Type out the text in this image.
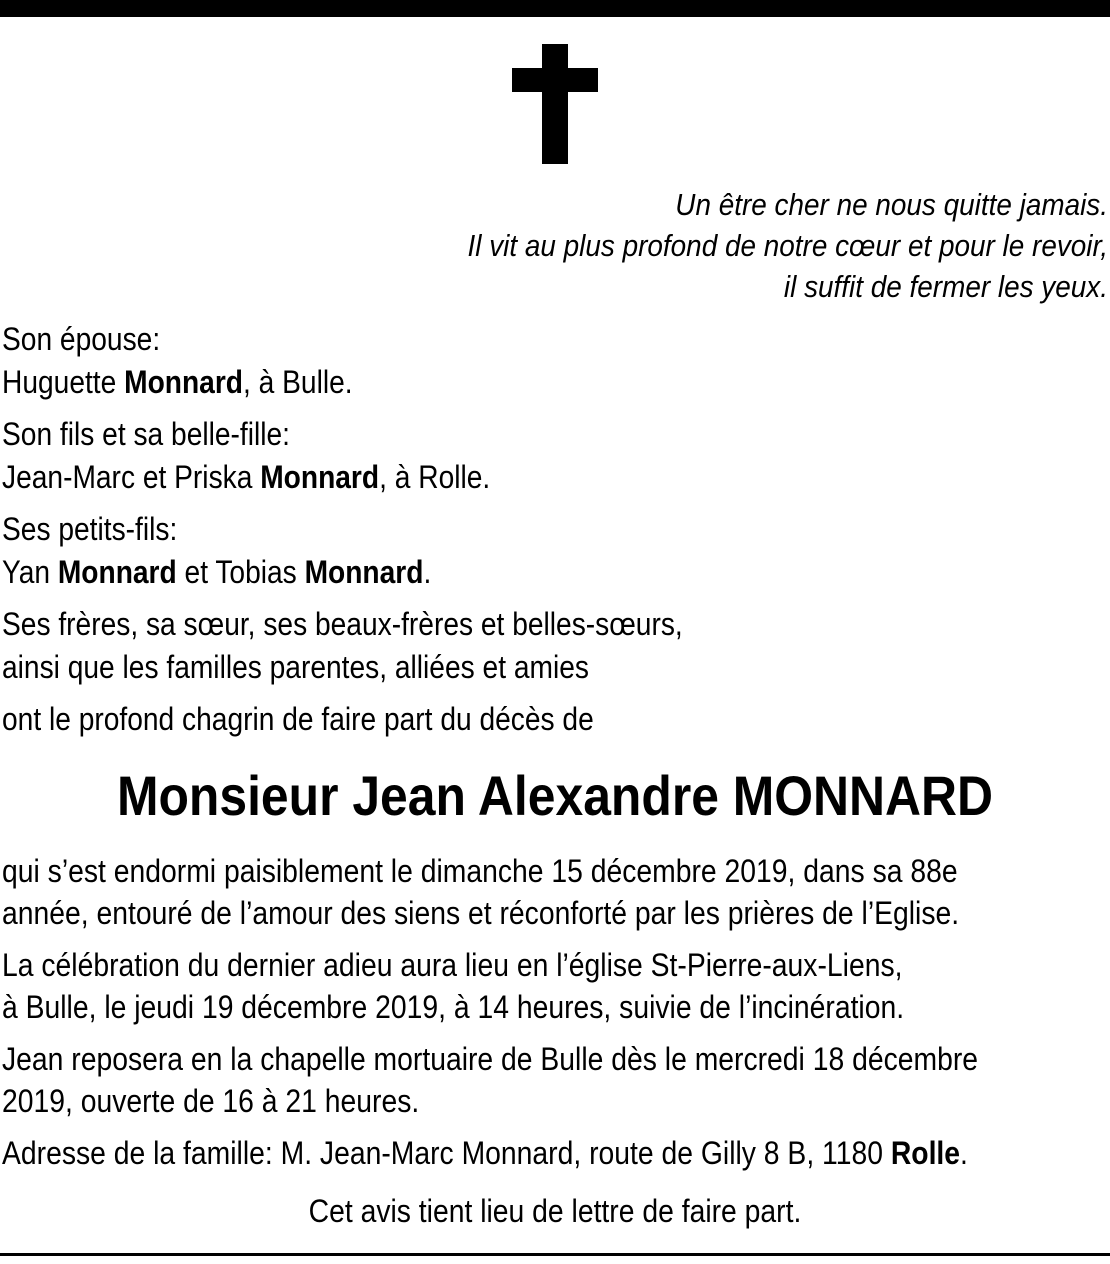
Un être cher ne nous quitte jamais.
Il vit au plus profond de notre cœur et pour le revoir,
il suffit de fermer les yeux.
Son épouse:
Huguette Monnard, à Bulle.
Son fils et sa belle-fille:
Jean-Marc et Priska Monnard, à Rolle.
Ses petits-fils:
Yan Monnard et Tobias Monnard.
Ses frères, sa sœur, ses beaux-frères et belles-sœurs,
ainsi que les familles parentes, alliées et amies
ont le profond chagrin de faire part du décès de
Monsieur Jean Alexandre MONNARD
qui s’est endormi paisiblement le dimanche 15 décembre 2019, dans sa 88e
année, entouré de l’amour des siens et réconforté par les prières de l’Eglise.
La célébration du dernier adieu aura lieu en l’église St-Pierre-aux-Liens,
à Bulle, le jeudi 19 décembre 2019, à 14 heures, suivie de l’incinération.
Jean reposera en la chapelle mortuaire de Bulle dès le mercredi 18 décembre
2019, ouverte de 16 à 21 heures.
Adresse de la famille: M. Jean-Marc Monnard, route de Gilly 8 B, 1180 Rolle.
Cet avis tient lieu de lettre de faire part.
